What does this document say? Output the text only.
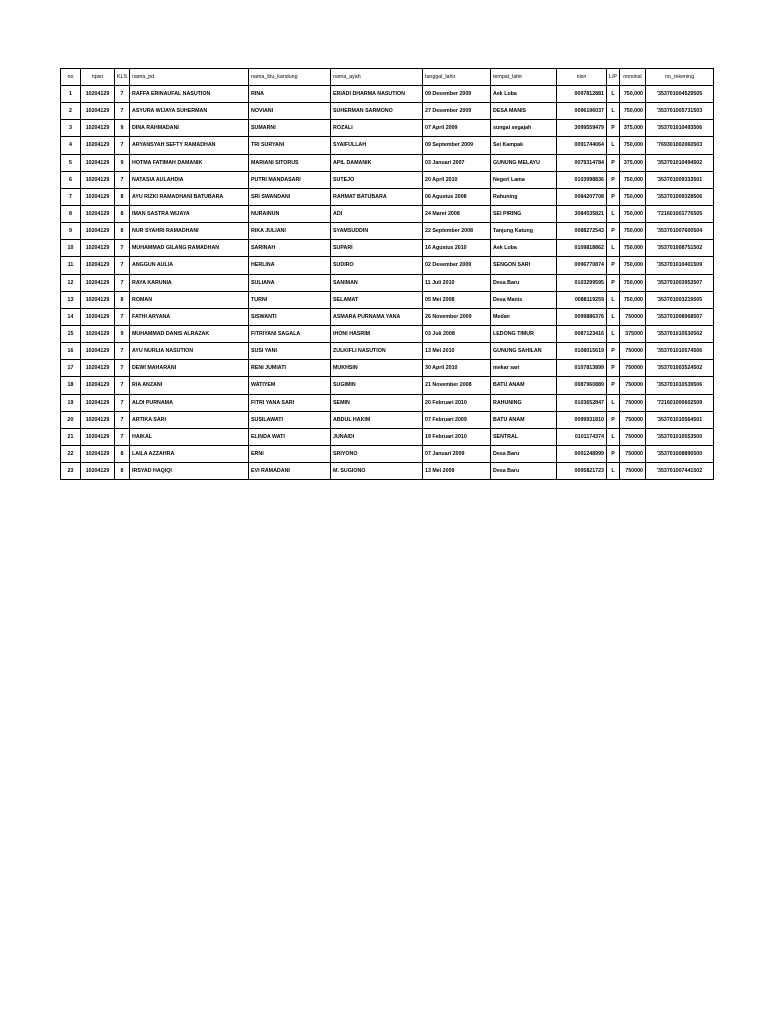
no	npsn	KLS	nama_pd	nama_ibu_kandung	nama_ayah	tanggal_lahir	tempat_lahir	nisn	L/P	nominal	no_rekening
1	10204129	7	RAFFA ERINAUFAL NASUTION	RINA	ERIADI DHARMA NASUTION	09 Desember 2009	Aek Loba	0097812881	L	750,000	'353701004529505
2	10204129	7	ASYURA WIJAYA SUHERMAN	NOVIANI	SUHERMAN SARMONO	27 Desember 2009	DESA MANIS	0096196037	L	750,000	'353701005731503
3	10204129	9	DINA RAHMADANI	SUMARNI	ROZALI	07 April 2009	sungai segajah	3099559479	P	375,000	'353701010493506
4	10204129	7	ARYANSYAH SEFTY RAMADHAN	TRI SURYANI	SYAIFULLAH	09 September 2009	Sei Kampak	0091744064	L	750,000	'769301002060503
5	10204129	9	HOTMA FATIMAH DAMANIK	MARIANI SITORUS	APIL DAMANIK	03 Januari 2007	GUNUNG MELAYU	0079314784	P	375,000	'353701010494502
6	10204129	7	NATASIA AULAHDIA	PUTRI MANDASARI	SUTEJO	20 April 2010	Negeri Lama	0103998836	P	750,000	'353701009333501
7	10204129	8	AYU RIZKI RAMADHANI BATUBARA	SRI SWANDANI	RAHMAT BATUBARA	06 Agustus 2008	Rahuning	0084207708	P	750,000	'353701009328506
8	10204129	8	IMAN SASTRA WIJAYA	NURAINUN	ADI	24 Maret 2008	SEI PIRING	3084535821	L	750,000	'721601001776505
9	10204129	8	NUR SYAHRI RAMADHANI	RIKA JULIANI	SYAMSUDDIN	22 September 2008	Tanjung Katung	0088272543	P	750,000	'353701007600504
10	10204129	7	MUHAMMAD GILANG RAMADHAN	SARINAH	SUPARI	16 Agustus 2010	Aek Loba	0109818862	L	750,000	'353701008751502
11	10204129	7	ANGGUN AULIA	HERLINA	SUDIRO	02 Desember 2009	SENGON SARI	0096770874	P	750,000	'353701010401509
12	10204129	7	RAYA KARUNIA	SULIANA	SANIMAN	11 Juli 2010	Desa Baru	0103299595	P	750,000	'353701003953507
13	10204129	8	ROMAN	TURNI	SELAMAT	05 Mei 2008	Desa Manis	0088119259	L	750,000	'353701003219505
14	10204129	7	FATHI ARYANA	SISWANTI	ASMARA PURNAMA YANA	26 November 2009	Medan	0099886376	L	750000	'353701008968507
15	10204129	9	MUHAMMAD DANIS ALRAZAK	FITRIYANI SAGALA	IHONI HASRIM	03 Juli 2008	LEDONG TIMUR	0087123416	L	375000	'353701010530502
16	10204129	7	AYU NURLIA NASUTION	SUSI YANI	ZULKIFLI NASUTION	13 Mei 2010	GUNUNG SAHILAN	0108015619	P	750000	'353701010574506
17	10204129	7	DEWI MAHARANI	RENI JUMIATI	MUKHSIN	30 April 2010	mekar sari	0107813899	P	750000	'353701003524502
18	10204129	7	RIA ANZANI	WATIYEM	SUGIMIN	21 November 2008	BATU ANAM	0087960889	P	750000	'353701010539506
19	10204129	7	ALDI PURNAMA	FITRI YANA SARI	SEMIN	20 Februari 2010	RAHUNING	0103652847	L	750000	'721601000602509
20	10204129	7	ARTIKA SARI	SUSILAWATI	ABDUL HAKIM	07 Februari 2009	BATU ANAM	0099931810	P	750000	'353701010564501
21	10204129	7	HAIKAL	ELINDA WATI	JUNAIDI	19 Februari 2010	SENTRAL	0101174374	L	750000	'353701010553500
22	10204129	8	LAILA AZZAHRA	ERNI	SRIYONO	07 Januari 2009	Desa Baru	0091248999	P	750000	'353701008890500
23	10204129	8	IRSYAD HAQIQI	EVI RAMADANI	M. SUGIONO	13 Mei 2009	Desa Baru	0095821723	L	750000	'353701007441502
